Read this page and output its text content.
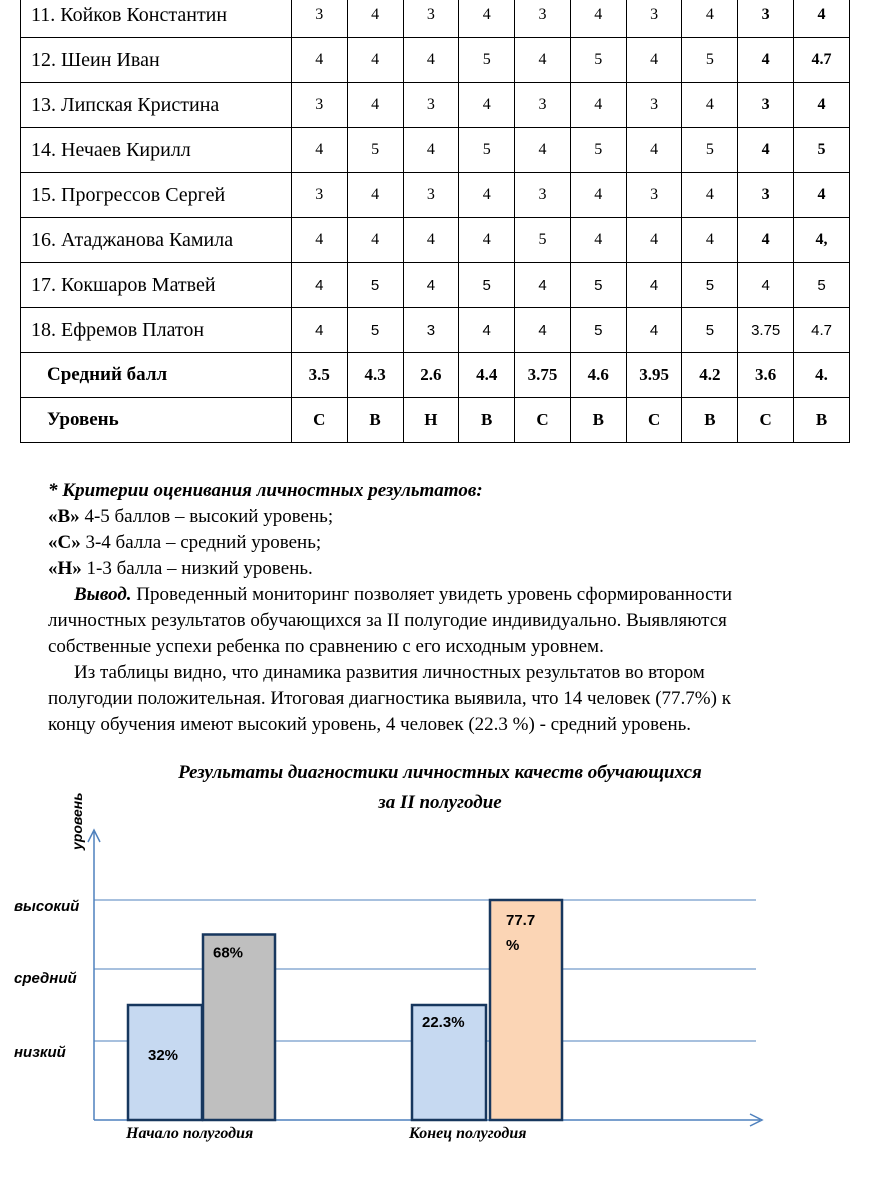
11. Койков Константин	3	4	3	4	3	4	3	4	3	4
12. Шеин Иван	4	4	4	5	4	5	4	5	4	4.7
13. Липская Кристина	3	4	3	4	3	4	3	4	3	4
14. Нечаев Кирилл	4	5	4	5	4	5	4	5	4	5
15. Прогрессов Сергей	3	4	3	4	3	4	3	4	3	4
16. Атаджанова Камила	4	4	4	4	5	4	4	4	4	4,
17. Кокшаров Матвей	4	5	4	5	4	5	4	5	4	5
18. Ефремов Платон	4	5	3	4	4	5	4	5	3.75	4.7
Средний балл	3.5	4.3	2.6	4.4	3.75	4.6	3.95	4.2	3.6	4.
Уровень	С	В	Н	В	С	В	С	В	С	В
* Критерии оценивания личностных результатов:
«В» 4-5 баллов – высокий уровень;
«С» 3-4 балла – средний уровень;
«Н» 1-3 балла – низкий уровень.
Вывод. Проведенный мониторинг позволяет увидеть уровень сформированности
личностных результатов обучающихся за II полугодие индивидуально. Выявляются
собственные успехи ребенка по сравнению с его исходным уровнем.
Из таблицы видно, что динамика развития личностных результатов во втором
полугодии положительная. Итоговая диагностика выявила, что 14 человек (77.7%) к
концу обучения имеют высокий уровень, 4 человек (22.3 %) - средний уровень.
Результаты диагностики личностных качеств обучающихся
за II полугодие
уровень
низкий
средний
высокий
32%
22.3%
68%
77.7
%
Начало полугодия	Конец полугодия
